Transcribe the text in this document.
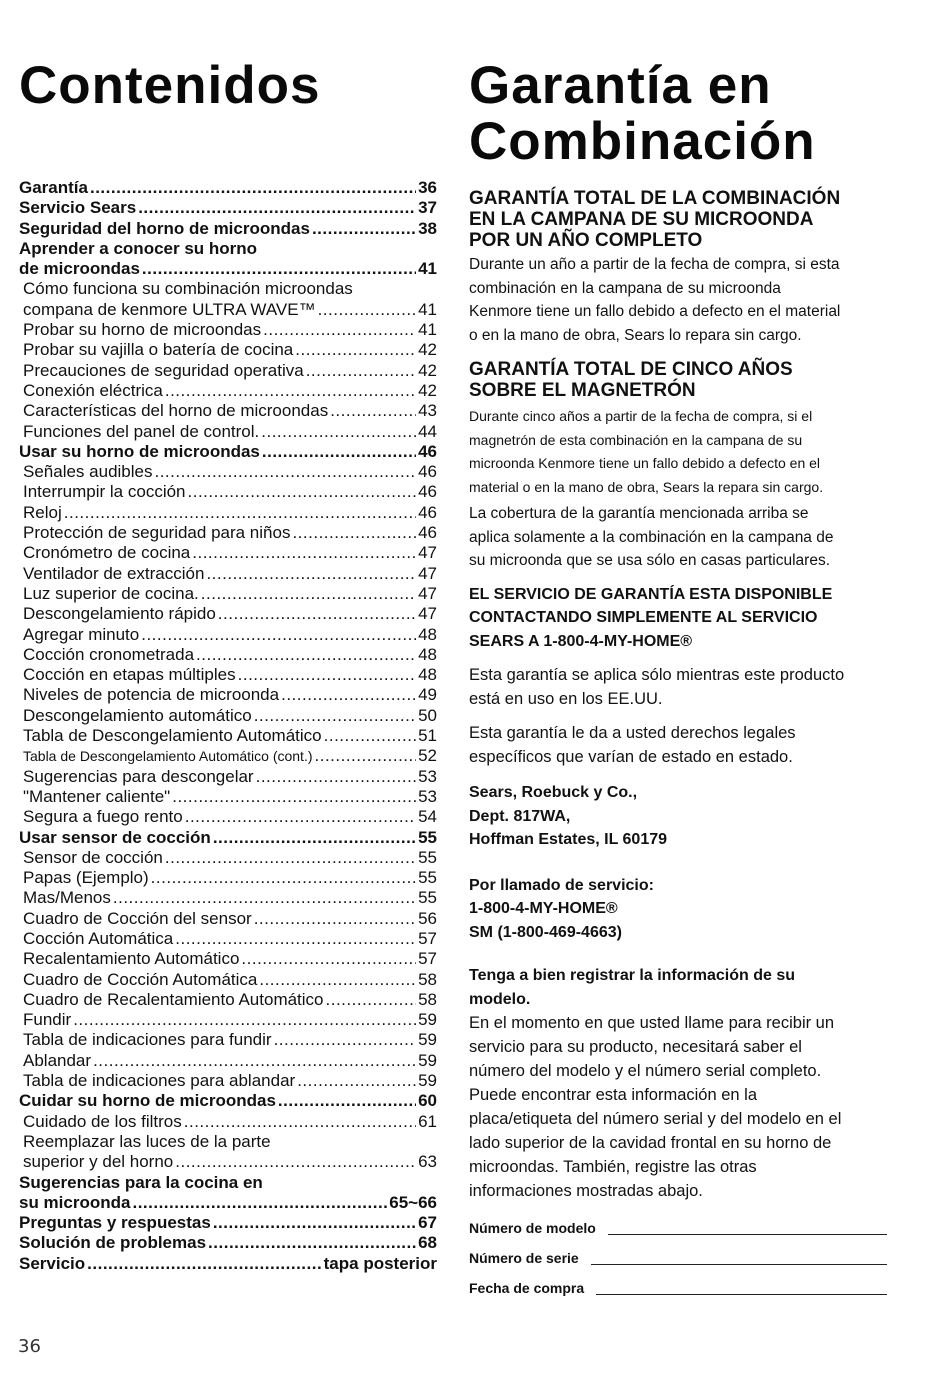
Contenidos
Garantía .....	36
Servicio Sears .....	37
Seguridad del horno de microondas .....	38
Aprender a conocer su horno
de microondas .....	41
Cómo funciona su combinación microondas
compana de kenmore ULTRA WAVE™ .....	41
Probar su horno de microondas .....	41
Probar su vajilla o batería de cocina .....	42
Precauciones de seguridad operativa .....	42
Conexión eléctrica .....	42
Características del horno de microondas .....	43
Funciones del panel de control. .....	44
Usar su horno de microondas .....	46
Señales audibles .....	46
Interrumpir la cocción .....	46
Reloj .....	46
Protección de seguridad para niños .....	46
Cronómetro de cocina .....	47
Ventilador de extracción .....	47
Luz superior de cocina. .....	47
Descongelamiento rápido .....	47
Agregar minuto .....	48
Cocción cronometrada .....	48
Cocción en etapas múltiples .....	48
Niveles de potencia de microonda .....	49
Descongelamiento automático .....	50
Tabla de Descongelamiento Automático .....	51
Tabla de Descongelamiento Automático (cont.) .....	52
Sugerencias para descongelar .....	53
"Mantener caliente" .....	53
Segura a fuego rento .....	54
Usar sensor de cocción .....	55
Sensor de cocción .....	55
Papas (Ejemplo) .....	55
Mas/Menos .....	55
Cuadro de Cocción del sensor .....	56
Cocción Automática .....	57
Recalentamiento Automático .....	57
Cuadro de Cocción Automática .....	58
Cuadro de Recalentamiento Automático .....	58
Fundir .....	59
Tabla de indicaciones para fundir .....	59
Ablandar .....	59
Tabla de indicaciones para ablandar .....	59
Cuidar su horno de microondas .....	60
Cuidado de los filtros .....	61
Reemplazar las luces de la parte
superior y del horno .....	63
Sugerencias para la cocina en
su microonda .....	65~66
Preguntas y respuestas .....	67
Solución de problemas .....	68
Servicio .....	tapa posterior
Garantía en
Combinación
GARANTÍA TOTAL DE LA COMBINACIÓN
EN LA CAMPANA DE SU MICROONDA
POR UN AÑO COMPLETO
Durante un año a partir de la fecha de compra, si esta
combinación en la campana de su microonda
Kenmore tiene un fallo debido a defecto en el material
o en la mano de obra, Sears lo repara sin cargo.
GARANTÍA TOTAL DE CINCO AÑOS
SOBRE EL MAGNETRÓN
Durante cinco años a partir de la fecha de compra, si el
magnetrón de esta combinación en la campana de su
microonda Kenmore tiene un fallo debido a defecto en el
material o en la mano de obra, Sears la repara sin cargo.
La cobertura de la garantía mencionada arriba se
aplica solamente a la combinación en la campana de
su microonda que se usa sólo en casas particulares.
EL SERVICIO DE GARANTÍA ESTA DISPONIBLE
CONTACTANDO SIMPLEMENTE AL SERVICIO
SEARS A 1-800-4-MY-HOME®
Esta garantía se aplica sólo mientras este producto
está en uso en los EE.UU.
Esta garantía le da a usted derechos legales
específicos que varían de estado en estado.
Sears, Roebuck y Co.,
Dept. 817WA,
Hoffman Estates, IL 60179
Por llamado de servicio:
1-800-4-MY-HOME®
SM (1-800-469-4663)
Tenga a bien registrar la información de su
modelo.
En el momento en que usted llame para recibir un
servicio para su producto, necesitará saber el
número del modelo y el número serial completo.
Puede encontrar esta información en la
placa/etiqueta del número serial y del modelo en el
lado superior de la cavidad frontal en su horno de
microondas. También, registre las otras
informaciones mostradas abajo.
Número de modelo
Número de serie
Fecha de compra
36
